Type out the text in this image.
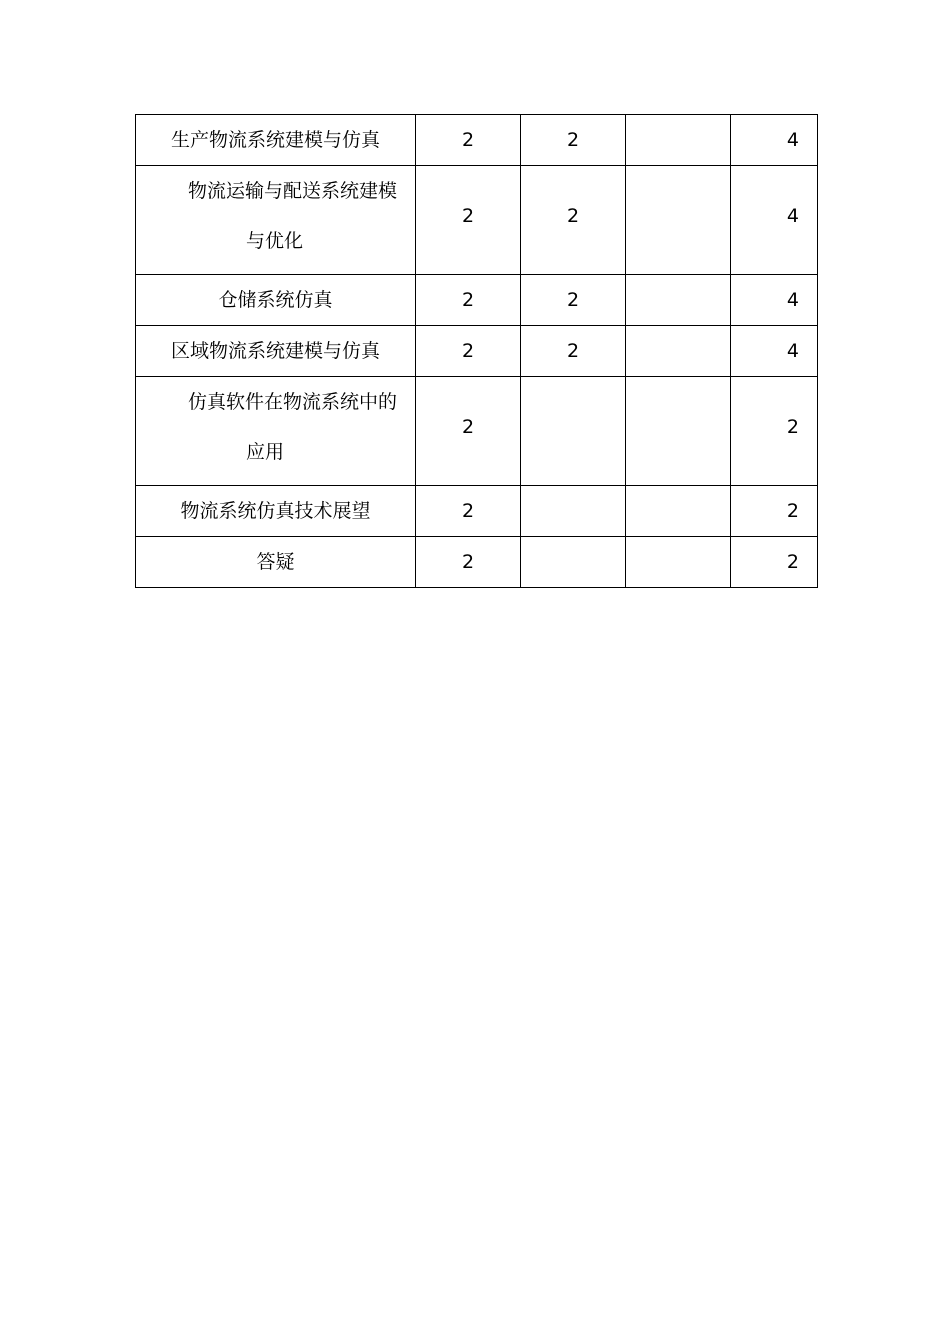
生产物流系统建模与仿真	2	2		4
物流运输与配送系统建模
与优化	2	2		4
仓储系统仿真	2	2		4
区域物流系统建模与仿真	2	2		4
仿真软件在物流系统中的
应用	2			2
物流系统仿真技术展望	2			2
答疑	2			2
